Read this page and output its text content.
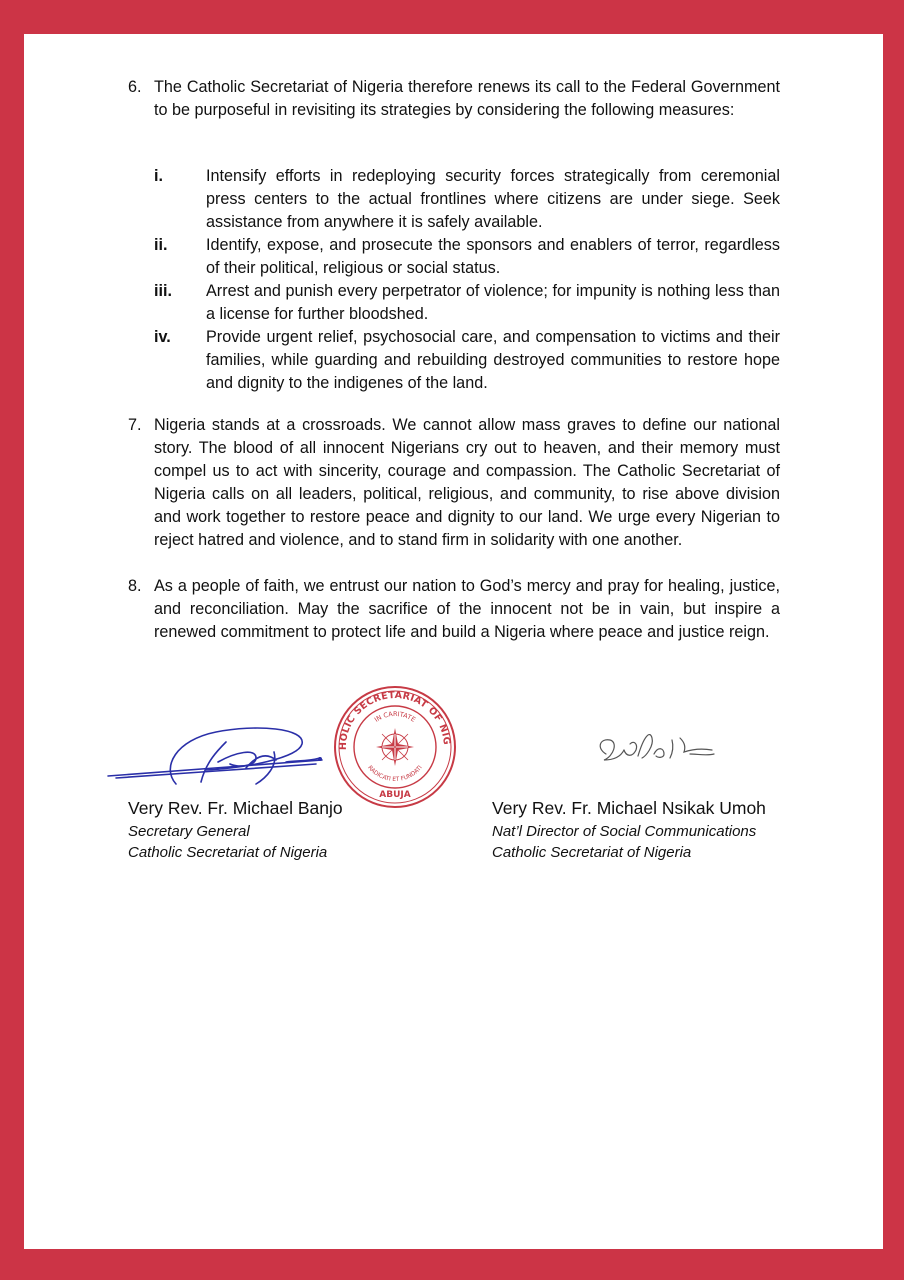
6. The Catholic Secretariat of Nigeria therefore renews its call to the Federal Government to be purposeful in revisiting its strategies by considering the following measures:
i.	Intensify efforts in redeploying security forces strategically from ceremonial press centers to the actual frontlines where citizens are under siege. Seek assistance from anywhere it is safely available.
ii. Identify, expose, and prosecute the sponsors and enablers of terror, regardless of their political, religious or social status.
iii. Arrest and punish every perpetrator of violence; for impunity is nothing less than a license for further bloodshed.
iv. Provide urgent relief, psychosocial care, and compensation to victims and their families, while guarding and rebuilding destroyed communities to restore hope and dignity to the indigenes of the land.
7. Nigeria stands at a crossroads. We cannot allow mass graves to define our national story. The blood of all innocent Nigerians cry out to heaven, and their memory must compel us to act with sincerity, courage and compassion. The Catholic Secretariat of Nigeria calls on all leaders, political, religious, and community, to rise above division and work together to restore peace and dignity to our land. We urge every Nigerian to reject hatred and violence, and to stand firm in solidarity with one another.
8. As a people of faith, we entrust our nation to God’s mercy and pray for healing, justice, and reconciliation. May the sacrifice of the innocent not be in vain, but inspire a renewed commitment to protect life and build a Nigeria where peace and justice reign.
CATHOLIC SECRETARIAT OF NIGERIA
IN CARITATE
RADICATI ET FUNDATI
ABUJA
Very Rev. Fr. Michael Banjo
Secretary General
Catholic Secretariat of Nigeria
Very Rev. Fr. Michael Nsikak Umoh
Nat’l Director of Social Communications
Catholic Secretariat of Nigeria
